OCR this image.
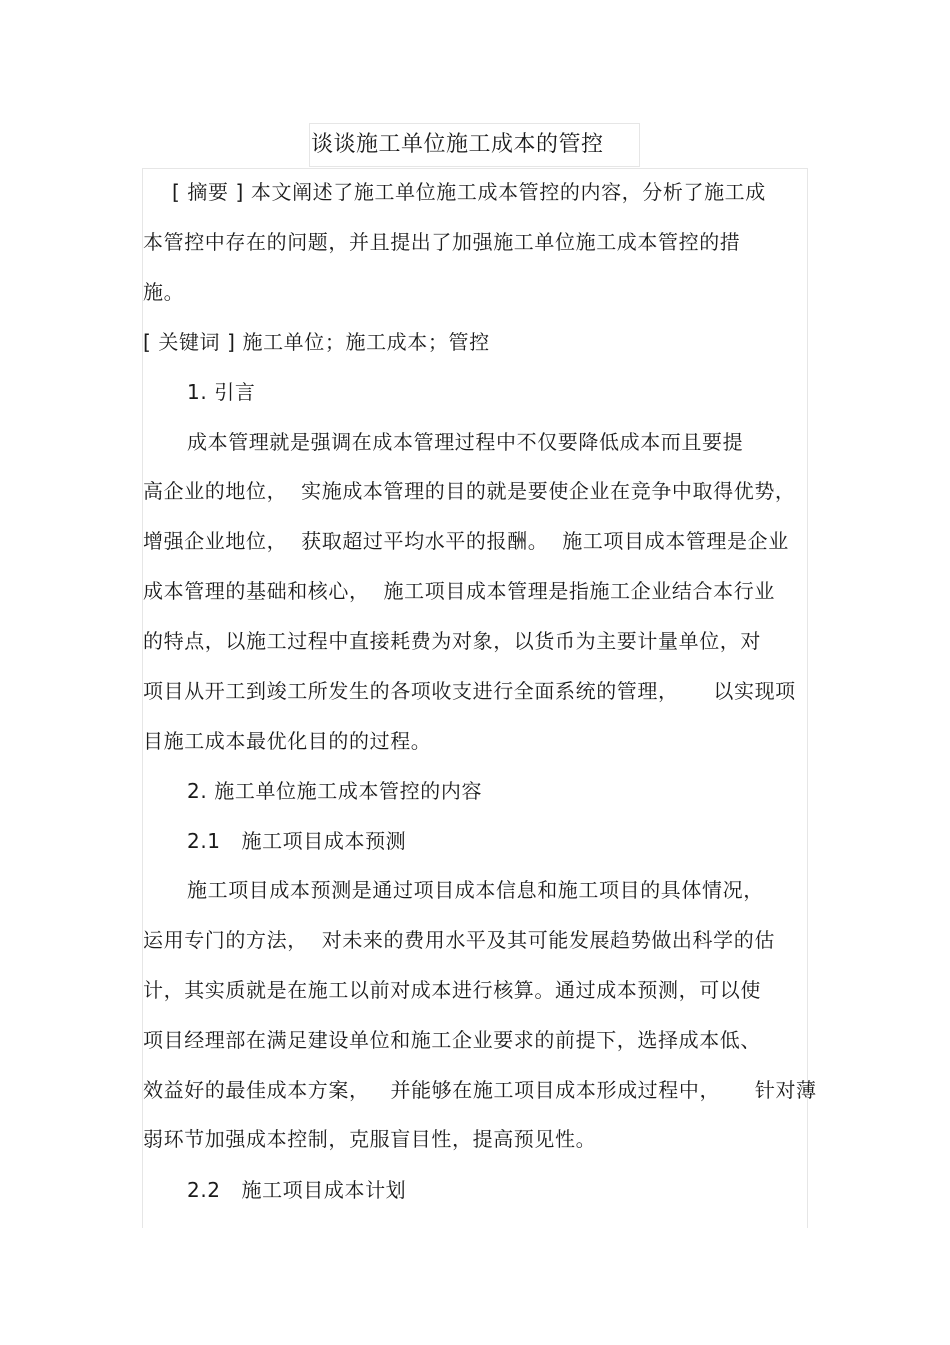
谈谈施工单位施工成本的管控
[ 摘要 ] 本文阐述了施工单位施工成本管控的内容，分析了施工成
本管控中存在的问题，并且提出了加强施工单位施工成本管控的措
施。
[ 关键词 ] 施工单位；施工成本；管控
1. 引言
成本管理就是强调在成本管理过程中不仅要降低成本而且要提
高企业的地位，  实施成本管理的目的就是要使企业在竞争中取得优势，
增强企业地位，  获取超过平均水平的报酬。  施工项目成本管理是企业
成本管理的基础和核心，  施工项目成本管理是指施工企业结合本行业
的特点，以施工过程中直接耗费为对象，以货币为主要计量单位，对
项目从开工到竣工所发生的各项收支进行全面系统的管理，     以实现项
目施工成本最优化目的的过程。
2. 施工单位施工成本管控的内容
2.1   施工项目成本预测
施工项目成本预测是通过项目成本信息和施工项目的具体情况，
运用专门的方法，  对未来的费用水平及其可能发展趋势做出科学的估
计，其实质就是在施工以前对成本进行核算。通过成本预测，可以使
项目经理部在满足建设单位和施工企业要求的前提下，选择成本低、
效益好的最佳成本方案，   并能够在施工项目成本形成过程中，     针对薄
弱环节加强成本控制，克服盲目性，提高预见性。
2.2   施工项目成本计划
